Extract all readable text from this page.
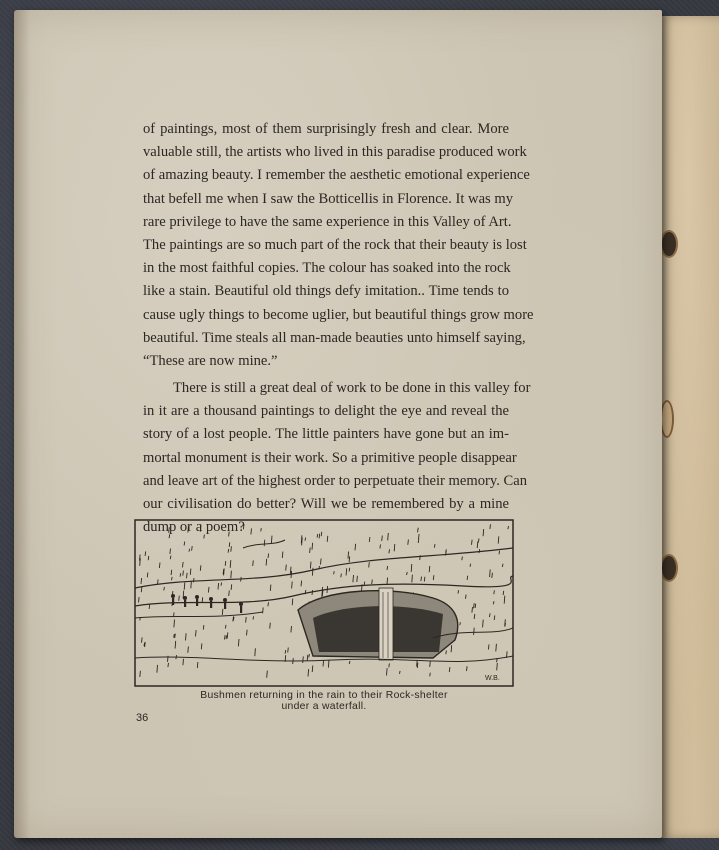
of paintings, most of them surprisingly fresh and clear. More
valuable still, the artists who lived in this paradise produced work
of amazing beauty. I remember the aesthetic emotional experience
that befell me when I saw the Botticellis in Florence. It was my
rare privilege to have the same experience in this Valley of Art.
The paintings are so much part of the rock that their beauty is lost
in the most faithful copies. The colour has soaked into the rock
like a stain. Beautiful old things defy imitation.. Time tends to
cause ugly things to become uglier, but beautiful things grow more
beautiful. Time steals all man-made beauties unto himself saying,
“These are now mine.”
There is still a great deal of work to be done in this valley for
in it are a thousand paintings to delight the eye and reveal the
story of a lost people. The little painters have gone but an im-
mortal monument is their work. So a primitive people disappear
and leave art of the highest order to perpetuate their memory. Can
our civilisation do better? Will we be remembered by a mine
dump or a poem?
W.B.
Bushmen returning in the rain to their Rock-shelter
under a waterfall.
36
